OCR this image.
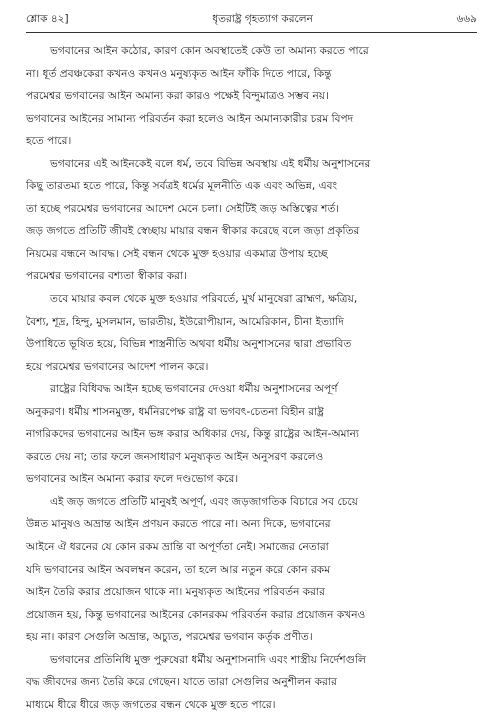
শ্লোক ৪২]	ধৃতরাষ্ট্র গৃহত্যাগ করলেন	৬৬৯

ভগবানের আইন কঠোর, কারণ কোন অবস্থাতেই কেউ তা অমান্য করতে পারে
না। ধূর্ত প্রবঞ্চকেরা কখনও কখনও মনুষ্যকৃত আইন ফাঁকি দিতে পারে, কিন্তু
পরমেশ্বর ভগবানের আইন অমান্য করা কারও পক্ষেই বিন্দুমাত্রও সম্ভব নয়।
ভগবানের আইনের সামান্য পরিবর্তন করা হলেও আইন অমান্যকারীর চরম বিপদ
হতে পারে।

ভগবানের এই আইনকেই বলে ধর্ম, তবে বিভিন্ন অবস্থায় এই ধর্মীয় অনুশাসনের
কিছু তারতম্য হতে পারে, কিন্তু সর্বত্রই ধর্মের মূলনীতি এক এবং অভিন্ন, এবং
তা হচ্ছে পরমেশ্বর ভগবানের আদেশ মেনে চলা। সেইটিই জড় অস্তিত্বের শর্ত।
জড় জগতে প্রতিটি জীবই স্বেচ্ছায় মায়ার বন্ধন স্বীকার করেছে বলে জড়া প্রকৃতির
নিয়মের বন্ধনে আবদ্ধ। সেই বন্ধন থেকে মুক্ত হওয়ার একমাত্র উপায় হচ্ছে
পরমেশ্বর ভগবানের বশ্যতা স্বীকার করা।

তবে মায়ার কবল থেকে মুক্ত হওয়ার পরিবর্তে, মুর্খ মানুষেরা ব্রাহ্মণ, ক্ষত্রিয়,
বৈশ্য, শূদ্র, হিন্দু, মুসলমান, ভারতীয়, ইউরোপীয়ান, আমেরিকান, চীনা ইত্যাদি
উপাধিতে ভূষিত হয়ে, বিভিন্ন শাস্ত্রনীতি অথবা ধর্মীয় অনুশাসনের দ্বারা প্রভাবিত
হয়ে পরমেশ্বর ভগবানের আদেশ পালন করে।

রাষ্ট্রের বিধিবদ্ধ আইন হচ্ছে ভগবানের দেওয়া ধর্মীয় অনুশাসনের অপূর্ণ
অনুকরণ। ধর্মীয় শাসনমুক্ত, ধর্মনিরপেক্ষ রাষ্ট্র বা ভগবৎ-চেতনা বিহীন রাষ্ট্র
নাগরিকদের ভগবানের আইন ভঙ্গ করার অধিকার দেয়, কিন্তু রাষ্ট্রের আইন-অমান্য
করতে দেয় না; তার ফলে জনসাধারণ মনুষ্যকৃত আইন অনুসরণ করলেও
ভগবানের আইন অমান্য করার ফলে দণ্ডভোগ করে।

এই জড় জগতে প্রতিটি মানুষই অপূর্ণ, এবং জড়জাগতিক বিচারে সব চেয়ে
উন্নত মানুষও অভ্রান্ত আইন প্রণয়ন করতে পারে না। অন্য দিকে, ভগবানের
আইনে ঐ ধরনের যে কোন রকম ভ্রান্তি বা অপূর্ণতা নেই। সমাজের নেতারা
যদি ভগবানের আইন অবলম্বন করেন, তা হলে আর নতুন করে কোন রকম
আইন তৈরি করার প্রয়োজন থাকে না। মনুষ্যকৃত আইনের পরিবর্তন করার
প্রয়োজন হয়, কিন্তু ভগবানের আইনের কোনরকম পরিবর্তন করার প্রয়োজন কখনও
হয় না। কারণ সেগুলি অভ্রান্ত, অচ্যুত, পরমেশ্বর ভগবান কর্তৃক প্রণীত।

ভগবানের প্রতিনিধি মুক্ত পুরুষেরা ধর্মীয় অনুশাসনাদি এবং শাস্ত্রীয় নির্দেশগুলি
বদ্ধ জীবদের জন্য তৈরি করে গেছেন। যাতে তারা সেগুলির অনুশীলন করার
মাধ্যমে ধীরে ধীরে জড় জগতের বন্ধন থেকে মুক্ত হতে পারে।
